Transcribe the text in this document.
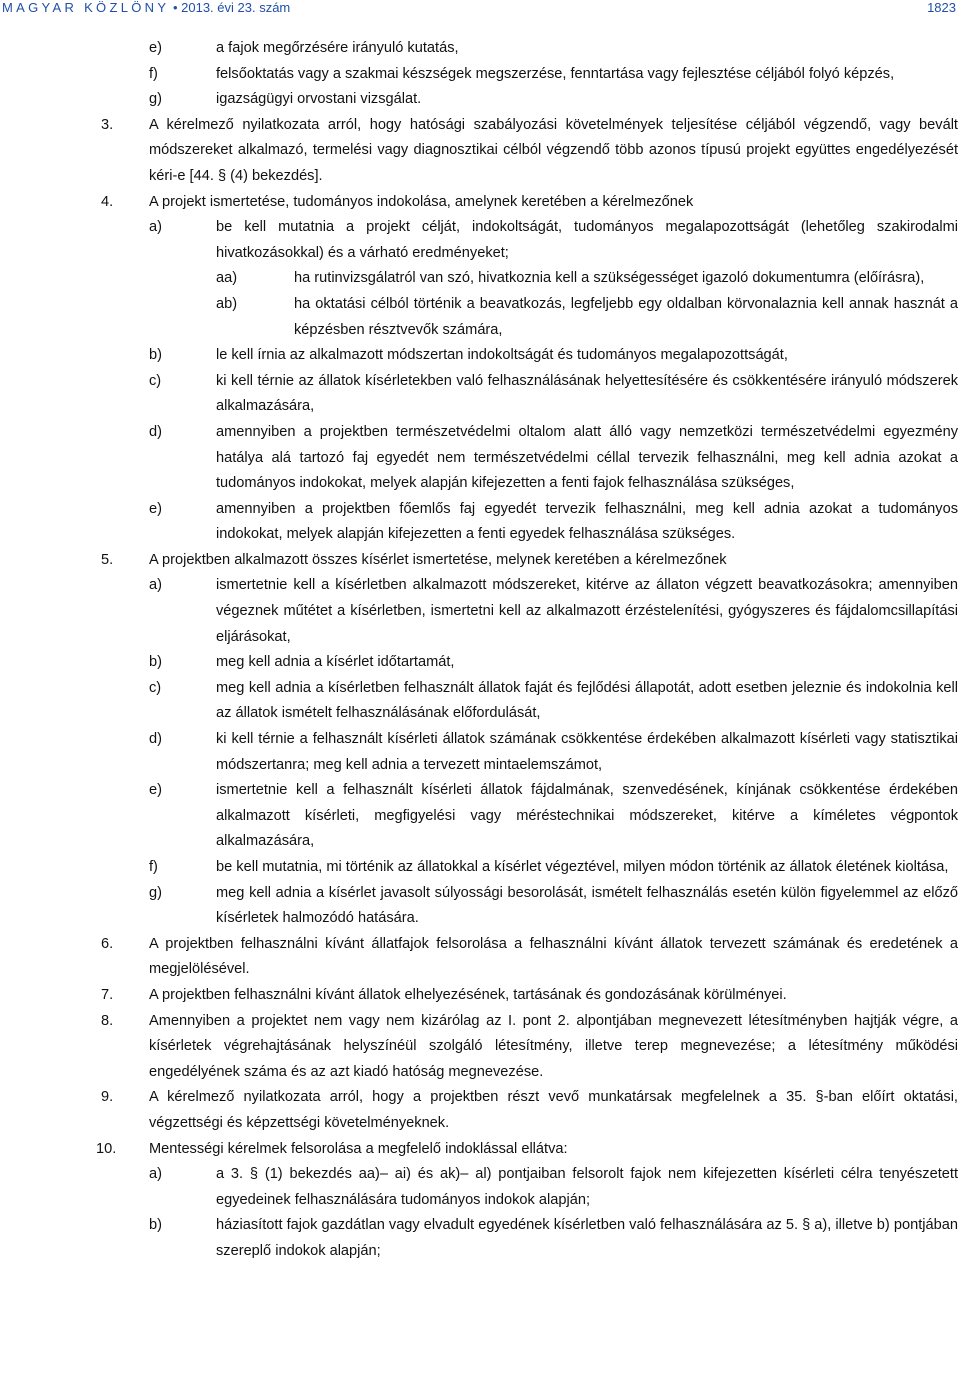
MAGYAR KÖZLÖNY • 2013. évi 23. szám	1823
e)	a fajok megőrzésére irányuló kutatás,
f)	felsőoktatás vagy a szakmai készségek megszerzése, fenntartása vagy fejlesztése céljából folyó képzés,
g)	igazságügyi orvostani vizsgálat.
3. A kérelmező nyilatkozata arról, hogy hatósági szabályozási követelmények teljesítése céljából végzendő, vagy bevált módszereket alkalmazó, termelési vagy diagnosztikai célból végzendő több azonos típusú projekt együttes engedélyezését kéri-e [44. § (4) bekezdés].
4. A projekt ismertetése, tudományos indokolása, amelynek keretében a kérelmezőnek
a)	be kell mutatnia a projekt célját, indokoltságát, tudományos megalapozottságát (lehetőleg szakirodalmi hivatkozásokkal) és a várható eredményeket;
aa)	ha rutinvizsgálatról van szó, hivatkoznia kell a szükségességet igazoló dokumentumra (előírásra),
ab)	ha oktatási célból történik a beavatkozás, legfeljebb egy oldalban körvonalaznia kell annak hasznát a képzésben résztvevők számára,
b)	le kell írnia az alkalmazott módszertan indokoltságát és tudományos megalapozottságát,
c)	ki kell térnie az állatok kísérletekben való felhasználásának helyettesítésére és csökkentésére irányuló módszerek alkalmazására,
d)	amennyiben a projektben természetvédelmi oltalom alatt álló vagy nemzetközi természetvédelmi egyezmény hatálya alá tartozó faj egyedét nem természetvédelmi céllal tervezik felhasználni, meg kell adnia azokat a tudományos indokokat, melyek alapján kifejezetten a fenti fajok felhasználása szükséges,
e)	amennyiben a projektben főemlős faj egyedét tervezik felhasználni, meg kell adnia azokat a tudományos indokokat, melyek alapján kifejezetten a fenti egyedek felhasználása szükséges.
5. A projektben alkalmazott összes kísérlet ismertetése, melynek keretében a kérelmezőnek
a)	ismertetnie kell a kísérletben alkalmazott módszereket, kitérve az állaton végzett beavatkozásokra; amennyiben végeznek műtétet a kísérletben, ismertetni kell az alkalmazott érzéstelenítési, gyógyszeres és fájdalomcsillapítási eljárásokat,
b)	meg kell adnia a kísérlet időtartamát,
c)	meg kell adnia a kísérletben felhasznált állatok faját és fejlődési állapotát, adott esetben jeleznie és indokolnia kell az állatok ismételt felhasználásának előfordulását,
d)	ki kell térnie a felhasznált kísérleti állatok számának csökkentése érdekében alkalmazott kísérleti vagy statisztikai módszertanra; meg kell adnia a tervezett mintaelemszámot,
e)	ismertetnie kell a felhasznált kísérleti állatok fájdalmának, szenvedésének, kínjának csökkentése érdekében alkalmazott kísérleti, megfigyelési vagy méréstechnikai módszereket, kitérve a kíméletes végpontok alkalmazására,
f)	be kell mutatnia, mi történik az állatokkal a kísérlet végeztével, milyen módon történik az állatok életének kioltása,
g)	meg kell adnia a kísérlet javasolt súlyossági besorolását, ismételt felhasználás esetén külön figyelemmel az előző kísérletek halmozódó hatására.
6. A projektben felhasználni kívánt állatfajok felsorolása a felhasználni kívánt állatok tervezett számának és eredetének a megjelölésével.
7. A projektben felhasználni kívánt állatok elhelyezésének, tartásának és gondozásának körülményei.
8. Amennyiben a projektet nem vagy nem kizárólag az I. pont 2. alpontjában megnevezett létesítményben hajtják végre, a kísérletek végrehajtásának helyszínéül szolgáló létesítmény, illetve terep megnevezése; a létesítmény működési engedélyének száma és az azt kiadó hatóság megnevezése.
9. A kérelmező nyilatkozata arról, hogy a projektben részt vevő munkatársak megfelelnek a 35. §-ban előírt oktatási, végzettségi és képzettségi követelményeknek.
10. Mentességi kérelmek felsorolása a megfelelő indoklással ellátva:
a)	a 3. § (1) bekezdés aa)– ai) és ak)– al) pontjaiban felsorolt fajok nem kifejezetten kísérleti célra tenyészetett egyedeinek felhasználására tudományos indokok alapján;
b)	háziasított fajok gazdátlan vagy elvadult egyedének kísérletben való felhasználására az 5. § a), illetve b) pontjában szereplő indokok alapján;
